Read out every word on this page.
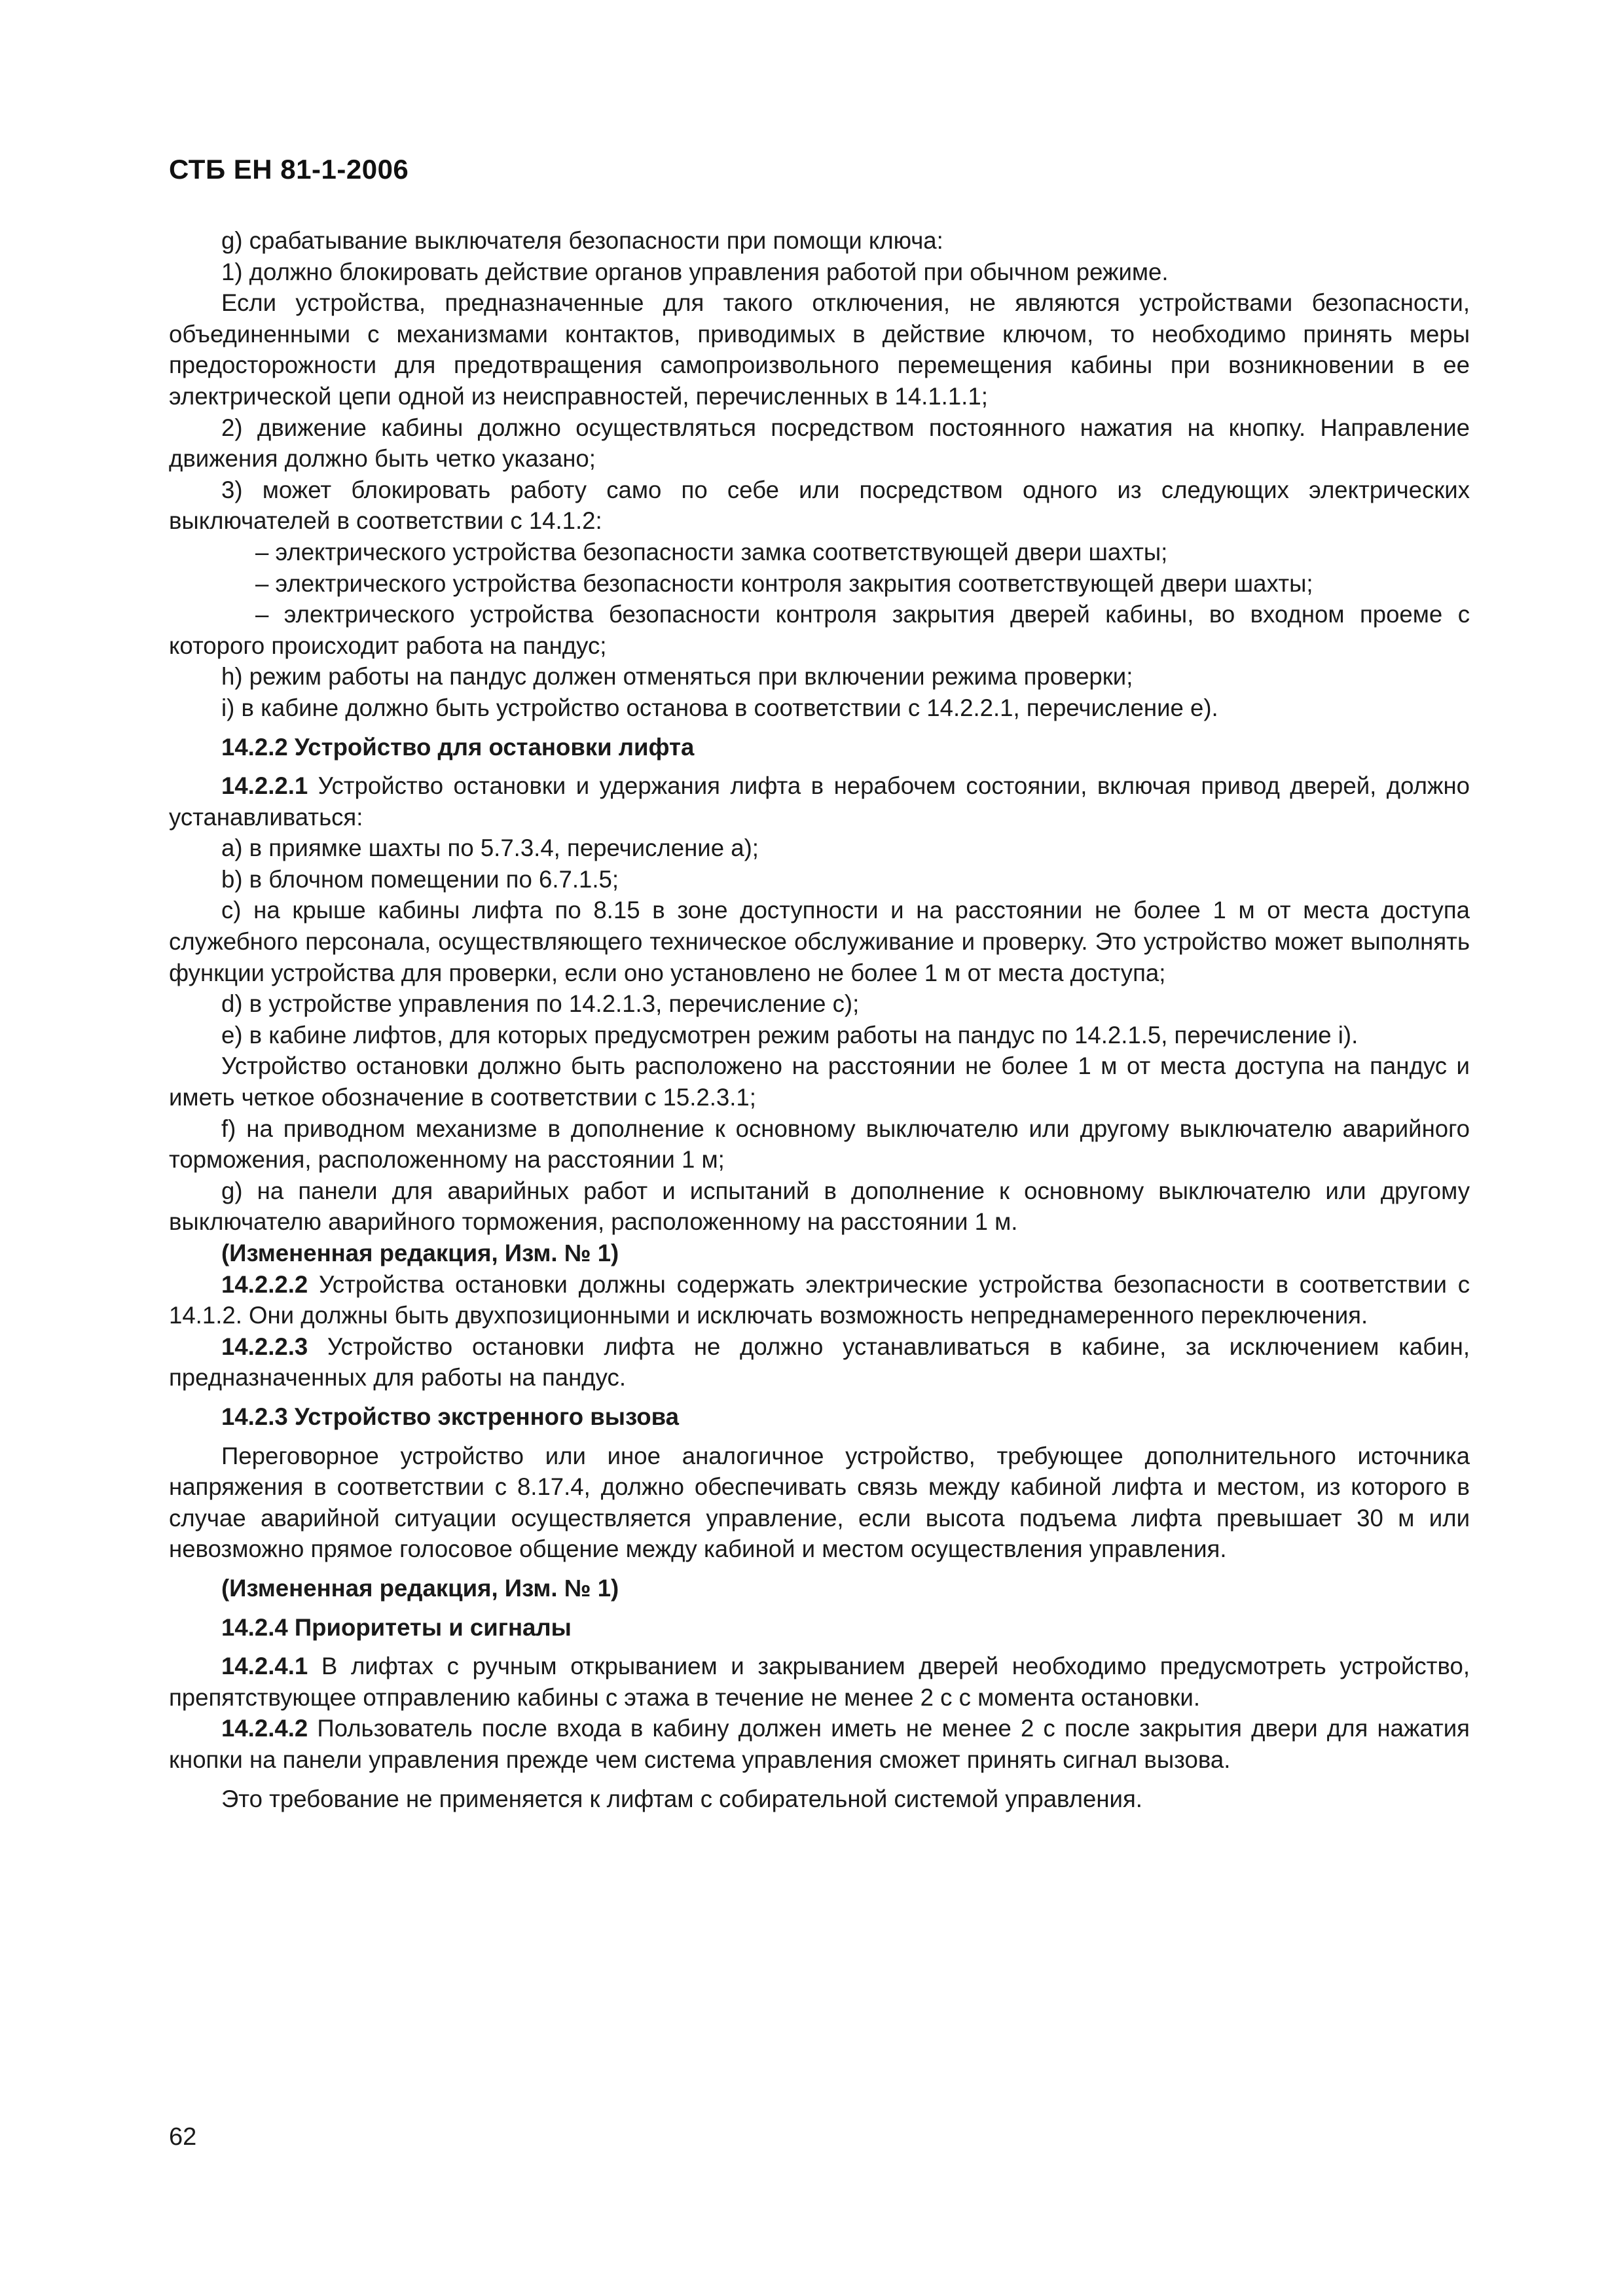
СТБ ЕН 81-1-2006

g) срабатывание выключателя безопасности при помощи ключа:

1) должно блокировать действие органов управления работой при обычном режиме.

Если устройства, предназначенные для такого отключения, не являются устройствами безопасности, объединенными с механизмами контактов, приводимых в действие ключом, то необходимо принять меры предосторожности для предотвращения самопроизвольного перемещения кабины при возникновении в ее электрической цепи одной из неисправностей, перечисленных в 14.1.1.1;

2) движение кабины должно осуществляться посредством постоянного нажатия на кнопку. Направление движения должно быть четко указано;

3) может блокировать работу само по себе или посредством одного из следующих электрических выключателей в соответствии с 14.1.2:

– электрического устройства безопасности замка соответствующей двери шахты;

– электрического устройства безопасности контроля закрытия соответствующей двери шахты;

– электрического устройства безопасности контроля закрытия дверей кабины, во входном проеме с которого происходит работа на пандус;

h) режим работы на пандус должен отменяться при включении режима проверки;

i) в кабине должно быть устройство останова в соответствии с 14.2.2.1, перечисление е).

14.2.2 Устройство для остановки лифта

14.2.2.1 Устройство остановки и удержания лифта в нерабочем состоянии, включая привод дверей, должно устанавливаться:

а) в приямке шахты по 5.7.3.4, перечисление а);

b) в блочном помещении по 6.7.1.5;

с) на крыше кабины лифта по 8.15 в зоне доступности и на расстоянии не более 1 м от места доступа служебного персонала, осуществляющего техническое обслуживание и проверку. Это устройство может выполнять функции устройства для проверки, если оно установлено не более 1 м от места доступа;

d) в устройстве управления по 14.2.1.3, перечисление с);

е) в кабине лифтов, для которых предусмотрен режим работы на пандус по 14.2.1.5, перечисление i).

Устройство остановки должно быть расположено на расстоянии не более 1 м от места доступа на пандус и иметь четкое обозначение в соответствии с 15.2.3.1;

f) на приводном механизме в дополнение к основному выключателю или другому выключателю аварийного торможения, расположенному на расстоянии 1 м;

g) на панели для аварийных работ и испытаний в дополнение к основному выключателю или другому выключателю аварийного торможения, расположенному на расстоянии 1 м.

(Измененная редакция, Изм. № 1)

14.2.2.2 Устройства остановки должны содержать электрические устройства безопасности в соответствии с 14.1.2. Они должны быть двухпозиционными и исключать возможность непреднамеренного переключения.

14.2.2.3 Устройство остановки лифта не должно устанавливаться в кабине, за исключением кабин, предназначенных для работы на пандус.

14.2.3 Устройство экстренного вызова

Переговорное устройство или иное аналогичное устройство, требующее дополнительного источника напряжения в соответствии с 8.17.4, должно обеспечивать связь между кабиной лифта и местом, из которого в случае аварийной ситуации осуществляется управление, если высота подъема лифта превышает 30 м или невозможно прямое голосовое общение между кабиной и местом осуществления управления.

(Измененная редакция, Изм. № 1)
14.2.4 Приоритеты и сигналы

14.2.4.1 В лифтах с ручным открыванием и закрыванием дверей необходимо предусмотреть устройство, препятствующее отправлению кабины с этажа в течение не менее 2 с с момента остановки.

14.2.4.2 Пользователь после входа в кабину должен иметь не менее 2 с после закрытия двери для нажатия кнопки на панели управления прежде чем система управления сможет принять сигнал вызова.

Это требование не применяется к лифтам с собирательной системой управления.

62
